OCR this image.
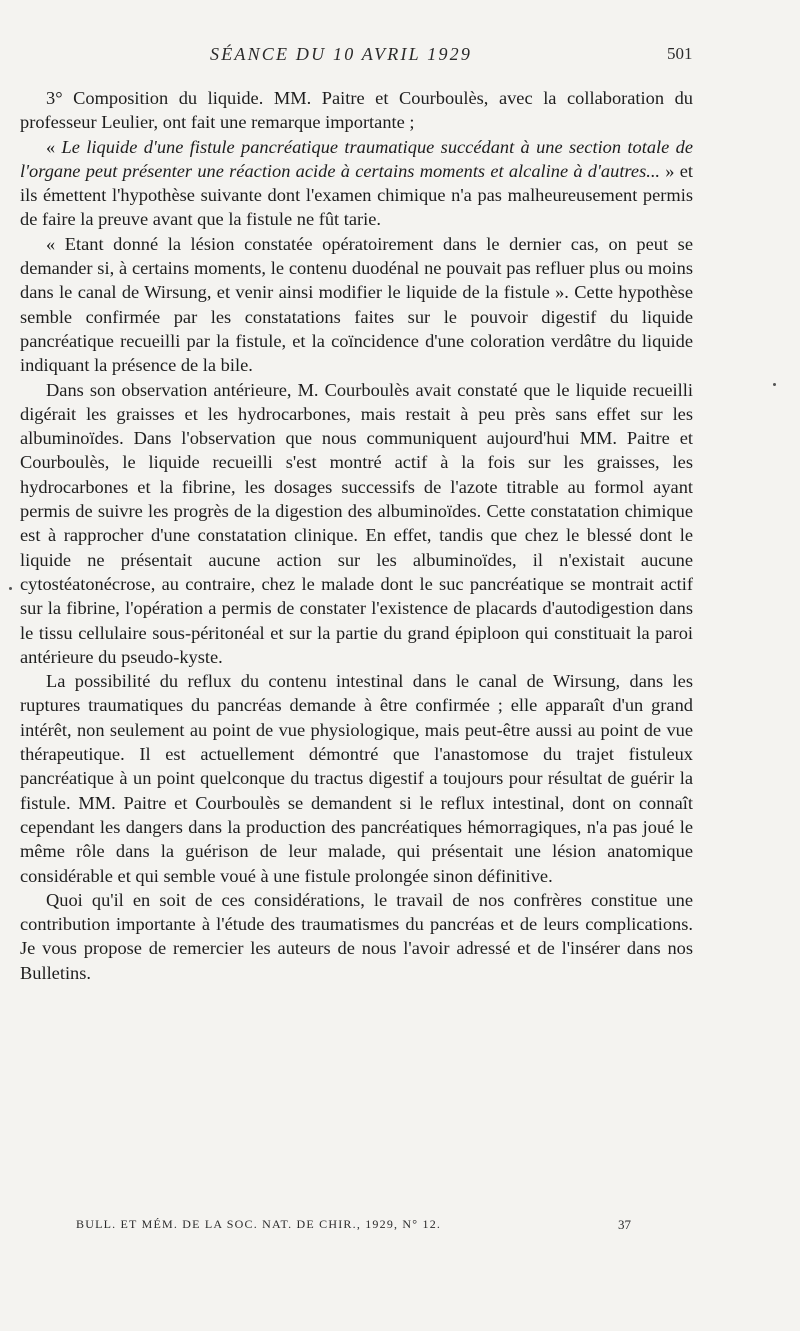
SÉANCE DU 10 AVRIL 1929	501

3° Composition du liquide. MM. Paitre et Courboulès, avec la collaboration du professeur Leulier, ont fait une remarque importante ;

« Le liquide d'une fistule pancréatique traumatique succédant à une section totale de l'organe peut présenter une réaction acide à certains moments et alcaline à d'autres... » et ils émettent l'hypothèse suivante dont l'examen chimique n'a pas malheureusement permis de faire la preuve avant que la fistule ne fût tarie.

« Etant donné la lésion constatée opératoirement dans le dernier cas, on peut se demander si, à certains moments, le contenu duodénal ne pouvait pas refluer plus ou moins dans le canal de Wirsung, et venir ainsi modifier le liquide de la fistule ». Cette hypothèse semble confirmée par les constatations faites sur le pouvoir digestif du liquide pancréatique recueilli par la fistule, et la coïncidence d'une coloration verdâtre du liquide indiquant la présence de la bile.

Dans son observation antérieure, M. Courboulès avait constaté que le liquide recueilli digérait les graisses et les hydrocarbones, mais restait à peu près sans effet sur les albuminoïdes. Dans l'observation que nous communiquent aujourd'hui MM. Paitre et Courboulès, le liquide recueilli s'est montré actif à la fois sur les graisses, les hydrocarbones et la fibrine, les dosages successifs de l'azote titrable au formol ayant permis de suivre les progrès de la digestion des albuminoïdes. Cette constatation chimique est à rapprocher d'une constatation clinique. En effet, tandis que chez le blessé dont le liquide ne présentait aucune action sur les albuminoïdes, il n'existait aucune cytostéatonécrose, au contraire, chez le malade dont le suc pancréatique se montrait actif sur la fibrine, l'opération a permis de constater l'existence de placards d'autodigestion dans le tissu cellulaire sous-péritonéal et sur la partie du grand épiploon qui constituait la paroi antérieure du pseudo-kyste.

La possibilité du reflux du contenu intestinal dans le canal de Wirsung, dans les ruptures traumatiques du pancréas demande à être confirmée ; elle apparaît d'un grand intérêt, non seulement au point de vue physiologique, mais peut-être aussi au point de vue thérapeutique. Il est actuellement démontré que l'anastomose du trajet fistuleux pancréatique à un point quelconque du tractus digestif a toujours pour résultat de guérir la fistule. MM. Paitre et Courboulès se demandent si le reflux intestinal, dont on connaît cependant les dangers dans la production des pancréatiques hémorragiques, n'a pas joué le même rôle dans la guérison de leur malade, qui présentait une lésion anatomique considérable et qui semble voué à une fistule prolongée sinon définitive.

Quoi qu'il en soit de ces considérations, le travail de nos confrères constitue une contribution importante à l'étude des traumatismes du pancréas et de leurs complications. Je vous propose de remercier les auteurs de nous l'avoir adressé et de l'insérer dans nos Bulletins.

BULL. ET MÉM. DE LA SOC. NAT. DE CHIR., 1929, N° 12.	37
